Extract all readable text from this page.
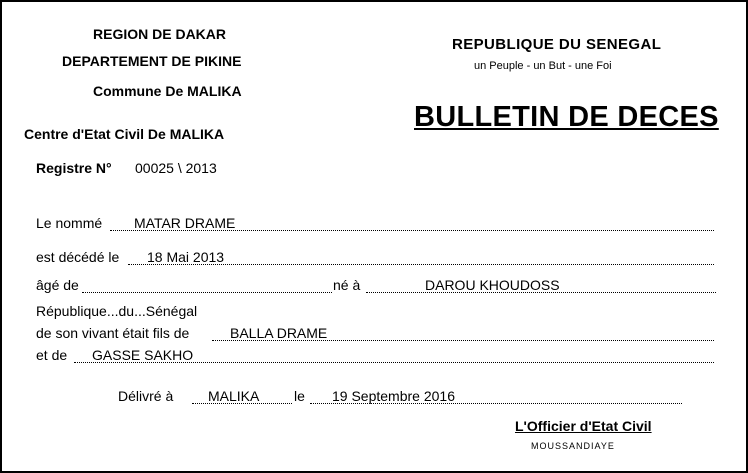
REGION DE DAKAR
DEPARTEMENT DE PIKINE
Commune De MALIKA
Centre d'Etat Civil De MALIKA
Registre N° 00025 \ 2013
REPUBLIQUE DU SENEGAL
un Peuple - un But - une Foi
BULLETIN DE DECES
Le nommé MATAR DRAME
est décédé le 18 Mai 2013
âgé de	né à	DAROU KHOUDOSS
République...du...Sénégal
de son vivant était fils de	BALLA DRAME
et de GASSE SAKHO
Délivré à MALIKA le 19 Septembre 2016
L'Officier d'Etat Civil
MOUSSANDIAYE
